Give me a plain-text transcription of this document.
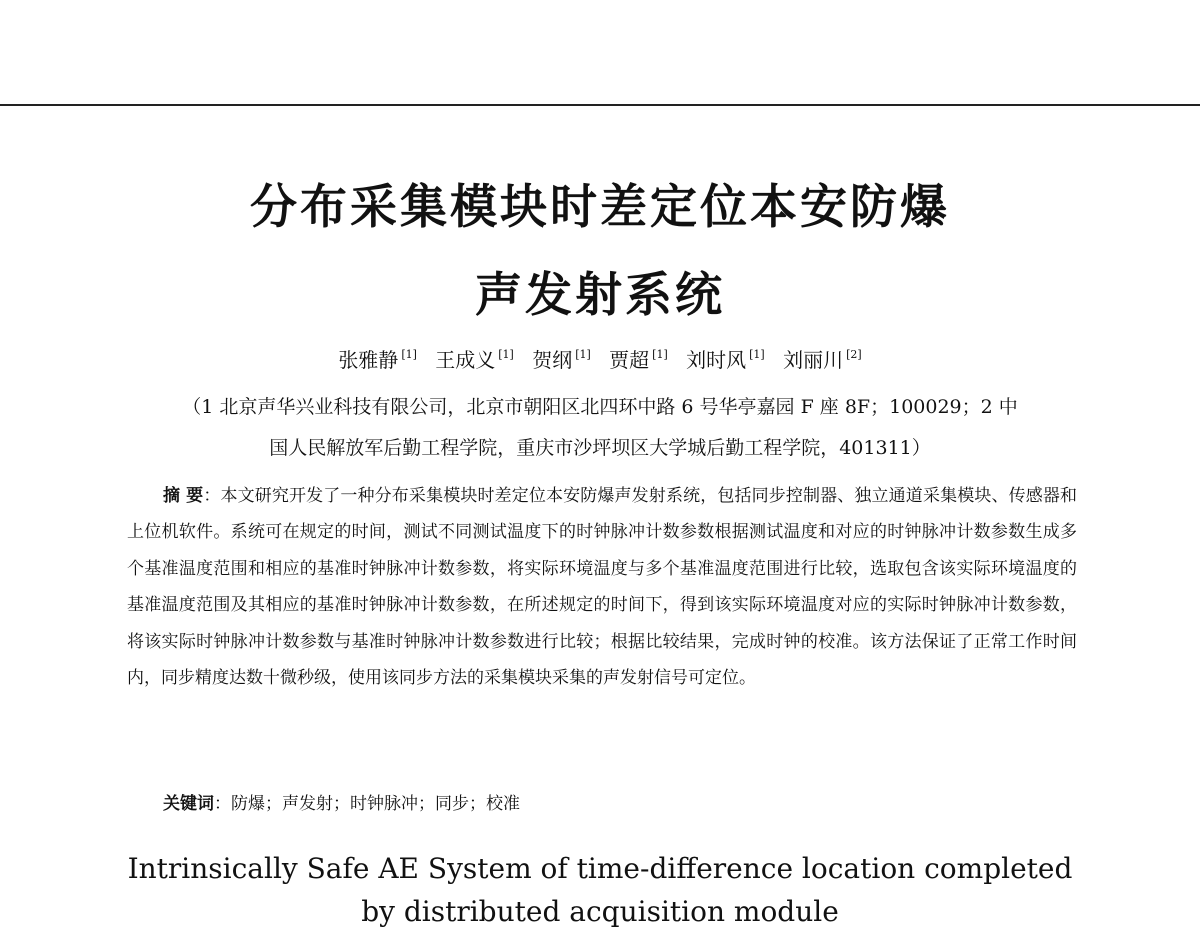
分布采集模块时差定位本安防爆
声发射系统
张雅静 [1] 王成义 [1] 贺纲 [1] 贾超 [1] 刘时风 [1] 刘丽川 [2]
（1 北京声华兴业科技有限公司，北京市朝阳区北四环中路 6 号华亭嘉园 F 座 8F；100029；2 中
国人民解放军后勤工程学院，重庆市沙坪坝区大学城后勤工程学院，401311）
摘 要：本文研究开发了一种分布采集模块时差定位本安防爆声发射系统，包括同步控制器、独立通道采集模块、传感器和上位机软件。系统可在规定的时间，测试不同测试温度下的时钟脉冲计数参数根据测试温度和对应的时钟脉冲计数参数生成多个基准温度范围和相应的基准时钟脉冲计数参数，将实际环境温度与多个基准温度范围进行比较，选取包含该实际环境温度的基准温度范围及其相应的基准时钟脉冲计数参数，在所述规定的时间下，得到该实际环境温度对应的实际时钟脉冲计数参数，将该实际时钟脉冲计数参数与基准时钟脉冲计数参数进行比较；根据比较结果，完成时钟的校准。该方法保证了正常工作时间内，同步精度达数十微秒级，使用该同步方法的采集模块采集的声发射信号可定位。
关键词：防爆；声发射；时钟脉冲；同步；校准
Intrinsically Safe AE System of time-difference location completed
by distributed acquisition module
